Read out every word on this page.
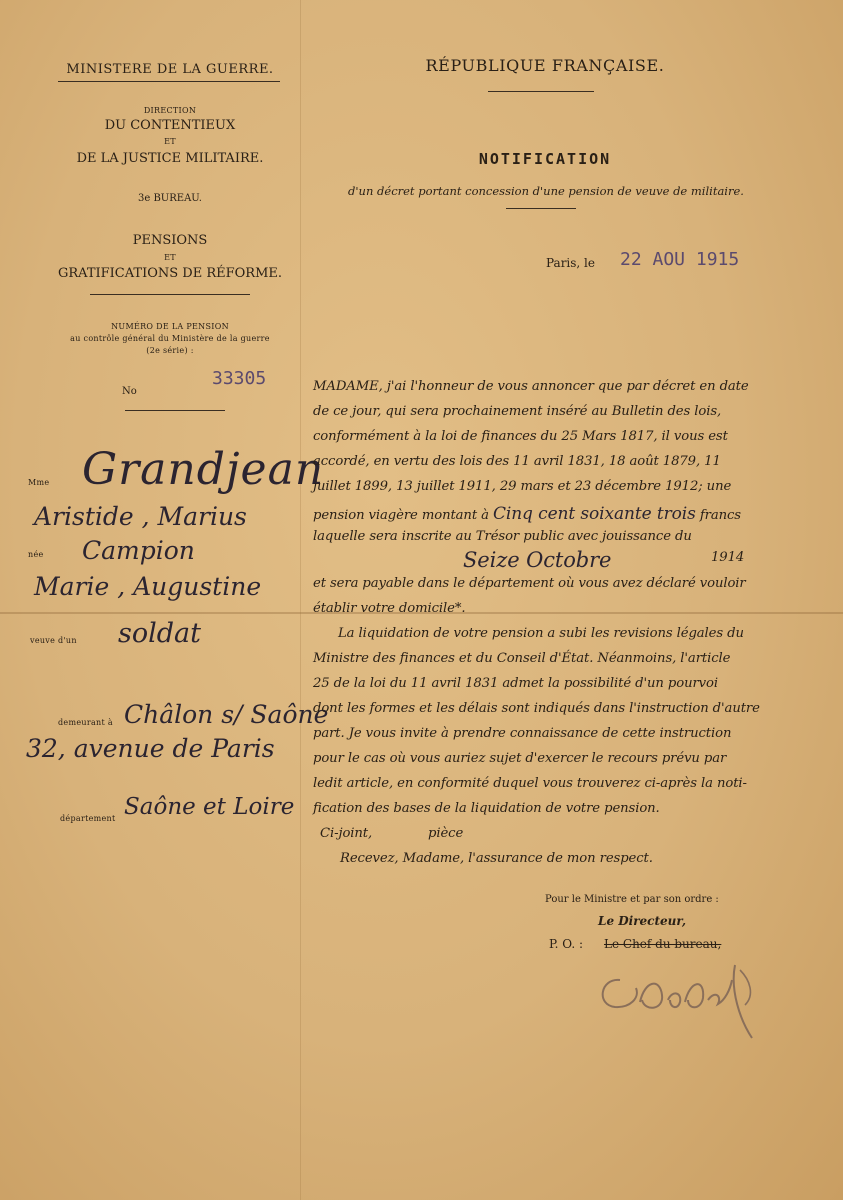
MINISTERE DE LA GUERRE.
DIRECTION
DU CONTENTIEUX
ET
DE LA JUSTICE MILITAIRE.
3e BUREAU.
PENSIONS
ET
GRATIFICATIONS DE RÉFORME.
NUMÉRO DE LA PENSION
au contrôle général du Ministère de la guerre
(2e série) :
No
33305
Mme Grandjean
Aristide , Marius
née Campion
Marie , Augustine
veuve d'un soldat
demeurant à Châlon s/ Saône
32, avenue de Paris
département Saône et Loire
RÉPUBLIQUE FRANÇAISE.
NOTIFICATION
d'un décret portant concession d'une pension de veuve de militaire.
Paris, le 22 AOU 1915
MADAME, j'ai l'honneur de vous annoncer que par décret en date
de ce jour, qui sera prochainement inséré au Bulletin des lois,
conformément à la loi de finances du 25 Mars 1817, il vous est
accordé, en vertu des lois des 11 avril 1831, 18 août 1879, 11
juillet 1899, 13 juillet 1911, 29 mars et 23 décembre 1912; une
pension viagère montant à Cinq cent soixante trois francs
laquelle sera inscrite au Trésor public avec jouissance du
Seize Octobre	1914
et sera payable dans le département où vous avez déclaré vouloir
établir votre domicile*.
La liquidation de votre pension a subi les revisions légales du
Ministre des finances et du Conseil d'État. Néanmoins, l'article
25 de la loi du 11 avril 1831 admet la possibilité d'un pourvoi
dont les formes et les délais sont indiqués dans l'instruction d'autre
part. Je vous invite à prendre connaissance de cette instruction
pour le cas où vous auriez sujet d'exercer le recours prévu par
ledit article, en conformité duquel vous trouverez ci-après la noti-
fication des bases de la liquidation de votre pension.
Ci-joint,	pièce
Recevez, Madame, l'assurance de mon respect.
Pour le Ministre et par son ordre :
Le Directeur,
P. O. : Le Chef du bureau,
